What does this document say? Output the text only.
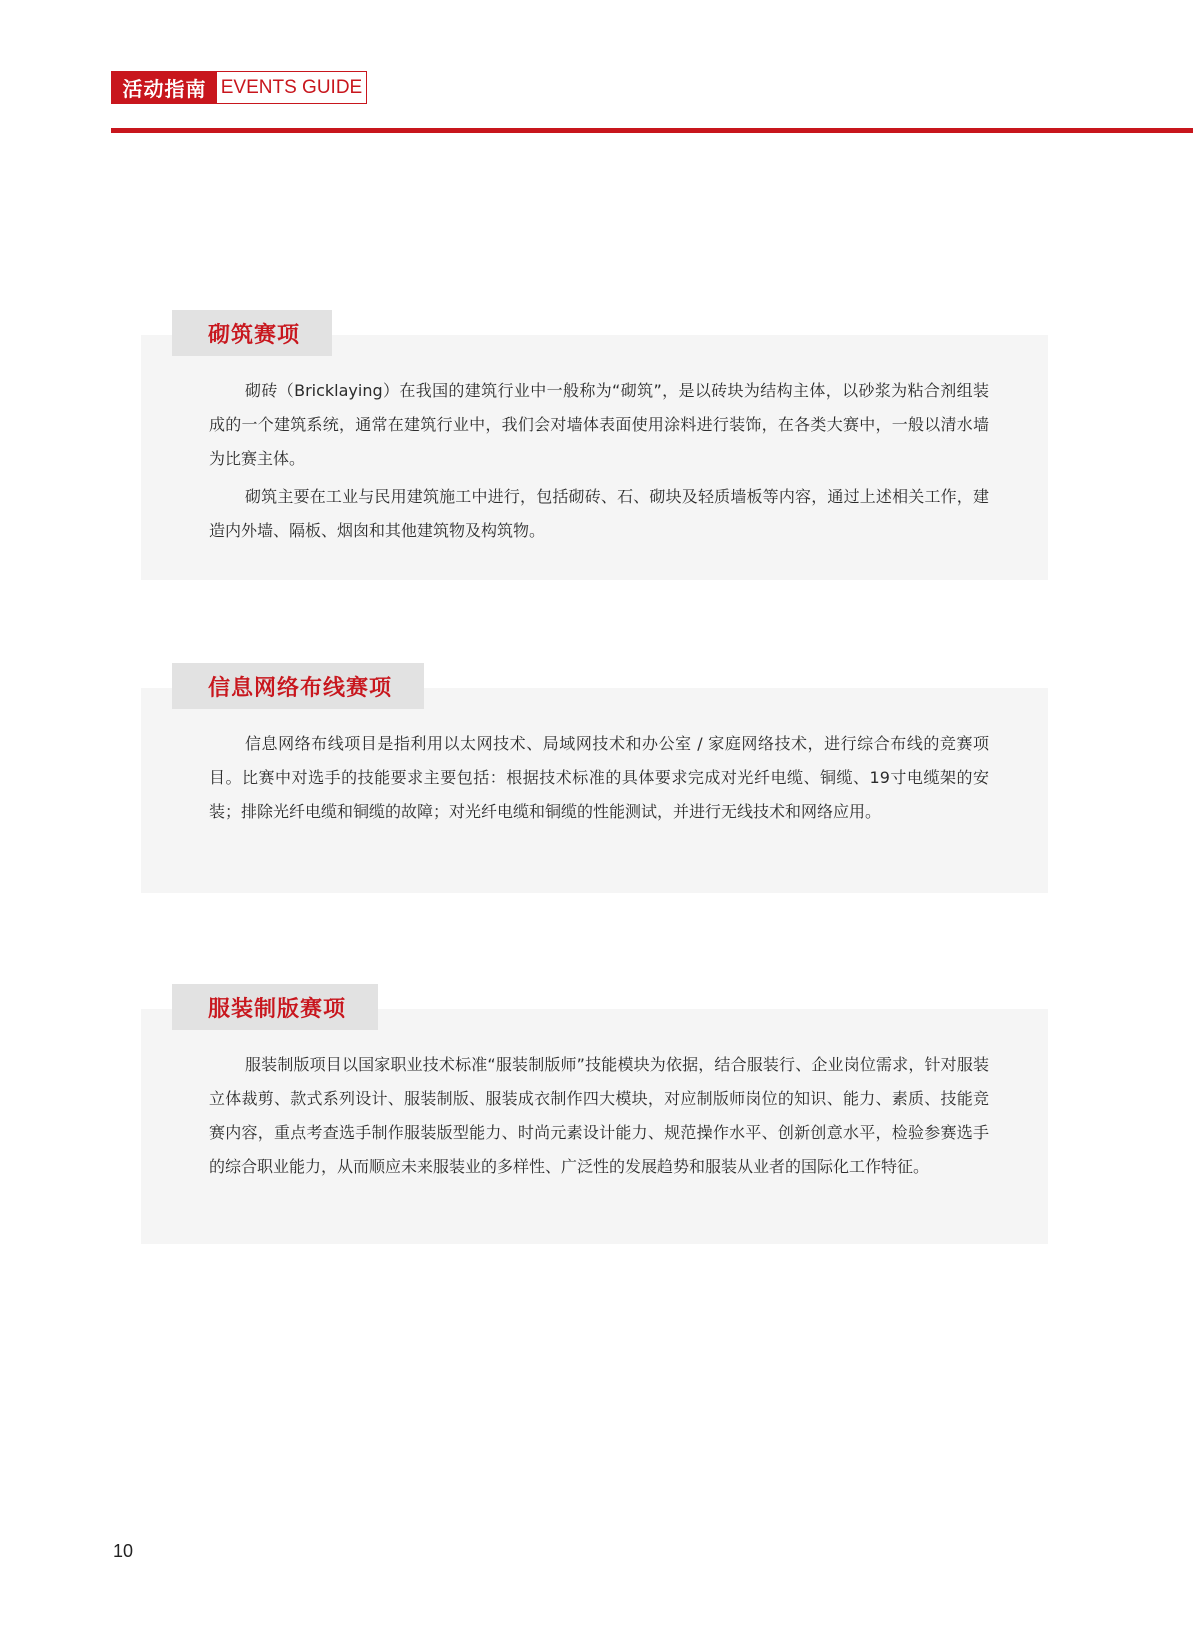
活动指南 EVENTS GUIDE
砌筑赛项

砌砖（Bricklaying）在我国的建筑行业中一般称为“砌筑”，是以砖块为结构主体，以砂浆为粘合剂组装成的一个建筑系统，通常在建筑行业中，我们会对墙体表面使用涂料进行装饰，在各类大赛中，一般以清水墙为比赛主体。

砌筑主要在工业与民用建筑施工中进行，包括砌砖、石、砌块及轻质墙板等内容，通过上述相关工作，建造内外墙、隔板、烟囱和其他建筑物及构筑物。

信息网络布线赛项

信息网络布线项目是指利用以太网技术、局域网技术和办公室 / 家庭网络技术，进行综合布线的竞赛项目。比赛中对选手的技能要求主要包括：根据技术标准的具体要求完成对光纤电缆、铜缆、19寸电缆架的安装；排除光纤电缆和铜缆的故障；对光纤电缆和铜缆的性能测试，并进行无线技术和网络应用。

服装制版赛项

服装制版项目以国家职业技术标准“服装制版师”技能模块为依据，结合服装行、企业岗位需求，针对服装立体裁剪、款式系列设计、服装制版、服装成衣制作四大模块，对应制版师岗位的知识、能力、素质、技能竞赛内容，重点考查选手制作服装版型能力、时尚元素设计能力、规范操作水平、创新创意水平，检验参赛选手的综合职业能力，从而顺应未来服装业的多样性、广泛性的发展趋势和服装从业者的国际化工作特征。

10
